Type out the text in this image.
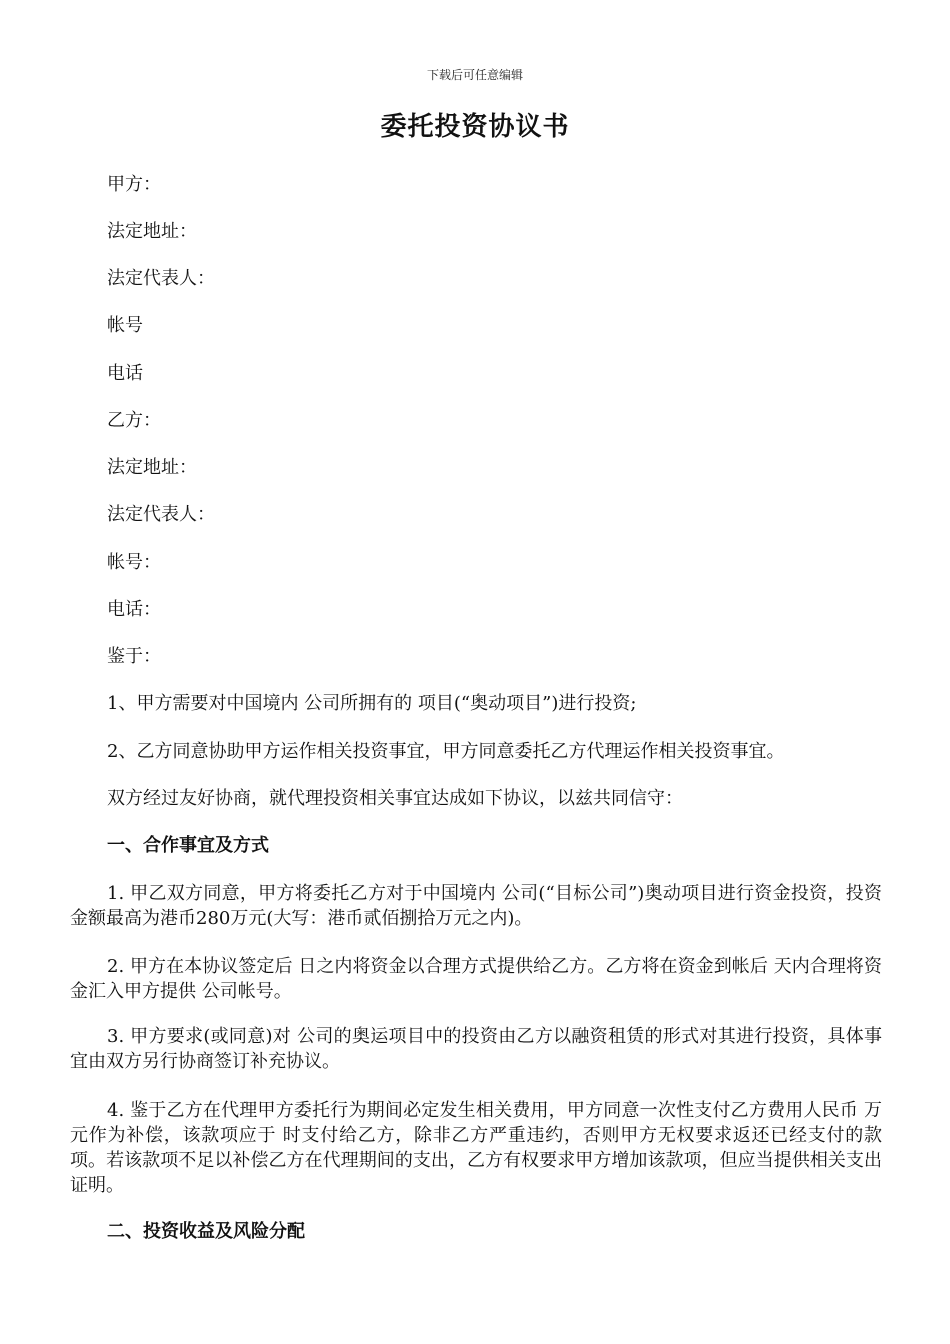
下载后可任意编辑
委托投资协议书
甲方：
法定地址：
法定代表人：
帐号
电话
乙方：
法定地址：
法定代表人：
帐号：
电话：
鉴于：
1、甲方需要对中国境内 公司所拥有的 项目(“奥动项目”)进行投资;
2、乙方同意协助甲方运作相关投资事宜，甲方同意委托乙方代理运作相关投资事宜。
双方经过友好协商，就代理投资相关事宜达成如下协议，以兹共同信守：
一、合作事宜及方式
1. 甲乙双方同意，甲方将委托乙方对于中国境内 公司(“目标公司”)奥动项目进行资金投资，投资金额最高为港币280万元(大写：港币贰佰捌拾万元之内)。
2. 甲方在本协议签定后 日之内将资金以合理方式提供给乙方。乙方将在资金到帐后 天内合理将资金汇入甲方提供 公司帐号。
3. 甲方要求(或同意)对 公司的奥运项目中的投资由乙方以融资租赁的形式对其进行投资，具体事宜由双方另行协商签订补充协议。
4. 鉴于乙方在代理甲方委托行为期间必定发生相关费用，甲方同意一次性支付乙方费用人民币 万元作为补偿，该款项应于 时支付给乙方，除非乙方严重违约，否则甲方无权要求返还已经支付的款项。若该款项不足以补偿乙方在代理期间的支出，乙方有权要求甲方增加该款项，但应当提供相关支出证明。
二、投资收益及风险分配
